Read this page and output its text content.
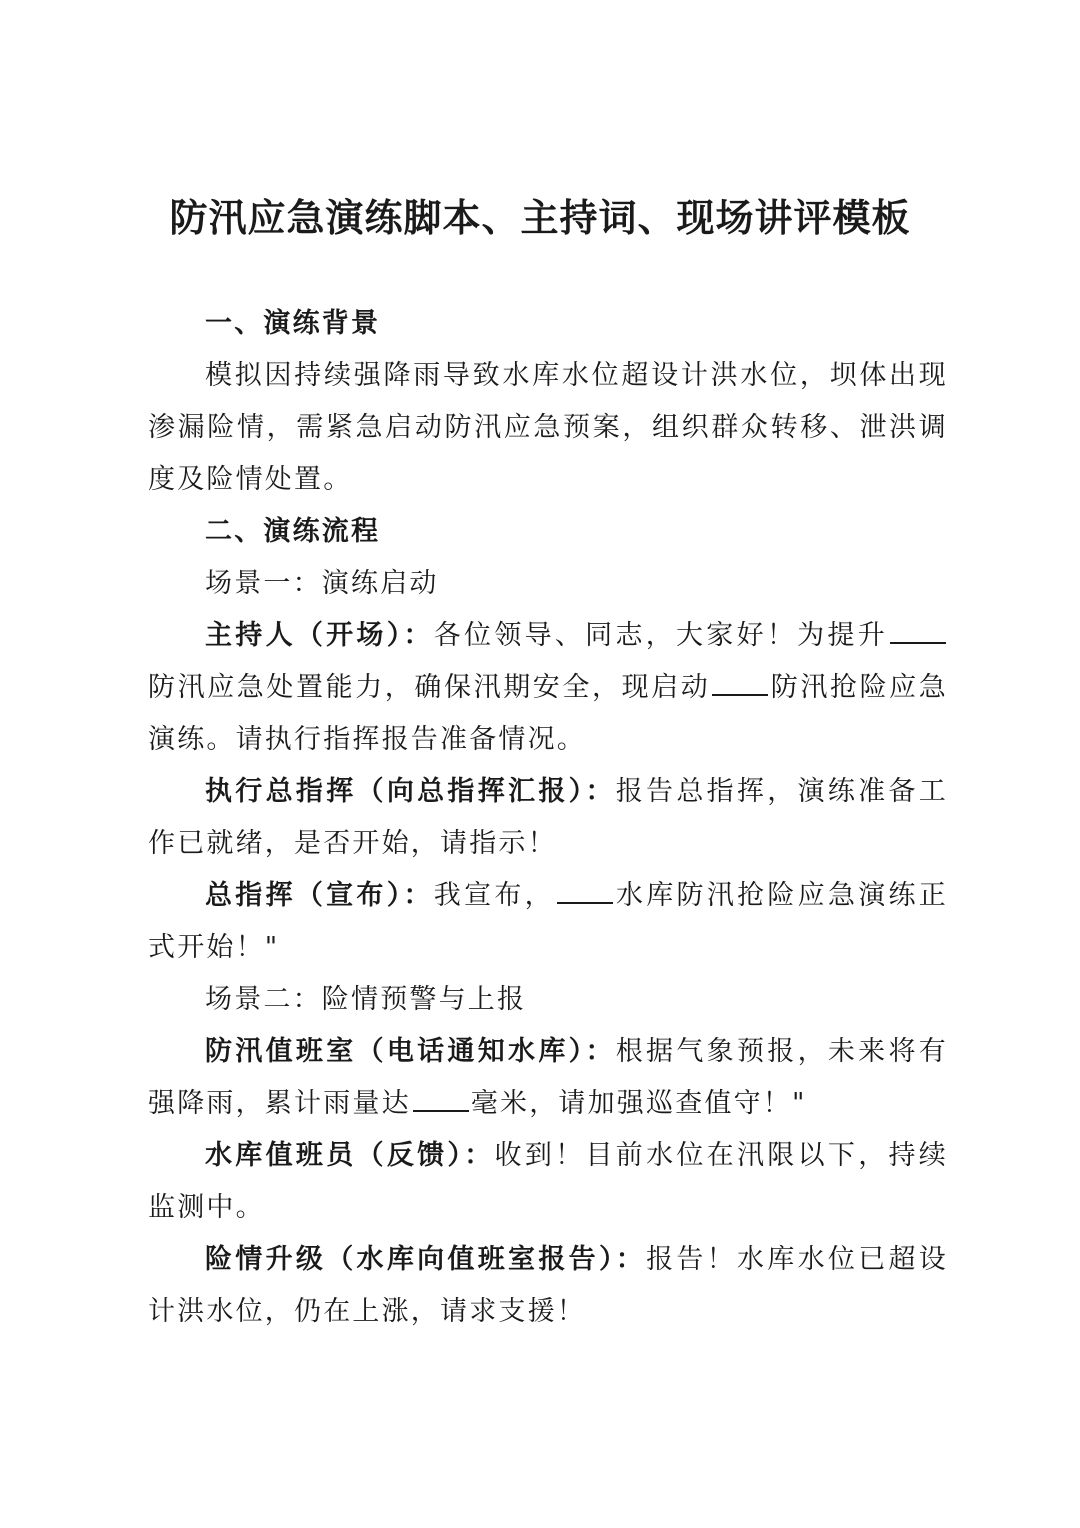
防汛应急演练脚本、主持词、现场讲评模板

一、演练背景

模拟因持续强降雨导致水库水位超设计洪水位，坝体出现渗漏险情，需紧急启动防汛应急预案，组织群众转移、泄洪调度及险情处置。

二、演练流程

场景一：演练启动

主持人（开场）：各位领导、同志，大家好！为提升防汛应急处置能力，确保汛期安全，现启动 防汛抢险应急演练。请执行指挥报告准备情况。

执行总指挥（向总指挥汇报）：报告总指挥，演练准备工作已就绪，是否开始，请指示！

总指挥（宣布）：我宣布， 水库防汛抢险应急演练正式开始！"

场景二：险情预警与上报

防汛值班室（电话通知水库）：根据气象预报，未来将有强降雨，累计雨量达 毫米，请加强巡查值守！"

水库值班员（反馈）：收到！目前水位在汛限以下，持续监测中。

险情升级（水库向值班室报告）：报告！水库水位已超设计洪水位，仍在上涨，请求支援！
